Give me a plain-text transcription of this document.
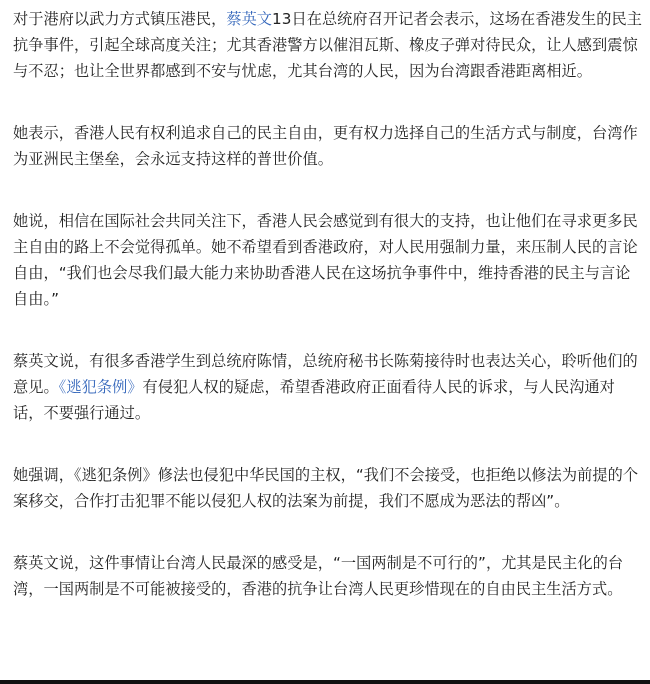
对于港府以武力方式镇压港民，蔡英文13日在总统府召开记者会表示，这场在香港发生的民主抗争事件，引起全球高度关注；尤其香港警方以催泪瓦斯、橡皮子弹对待民众，让人感到震惊与不忍；也让全世界都感到不安与忧虑，尤其台湾的人民，因为台湾跟香港距离相近。

她表示，香港人民有权利追求自己的民主自由，更有权力选择自己的生活方式与制度，台湾作为亚洲民主堡垒，会永远支持这样的普世价值。

她说，相信在国际社会共同关注下，香港人民会感觉到有很大的支持，也让他们在寻求更多民主自由的路上不会觉得孤单。她不希望看到香港政府，对人民用强制力量，来压制人民的言论自由，“我们也会尽我们最大能力来协助香港人民在这场抗争事件中，维持香港的民主与言论自由。”

蔡英文说，有很多香港学生到总统府陈情，总统府秘书长陈菊接待时也表达关心，聆听他们的意见。《逃犯条例》有侵犯人权的疑虑，希望香港政府正面看待人民的诉求，与人民沟通对话，不要强行通过。

她强调，《逃犯条例》修法也侵犯中华民国的主权，“我们不会接受，也拒绝以修法为前提的个案移交，合作打击犯罪不能以侵犯人权的法案为前提，我们不愿成为恶法的帮凶”。

蔡英文说，这件事情让台湾人民最深的感受是，“一国两制是不可行的”，尤其是民主化的台湾，一国两制是不可能被接受的，香港的抗争让台湾人民更珍惜现在的自由民主生活方式。
